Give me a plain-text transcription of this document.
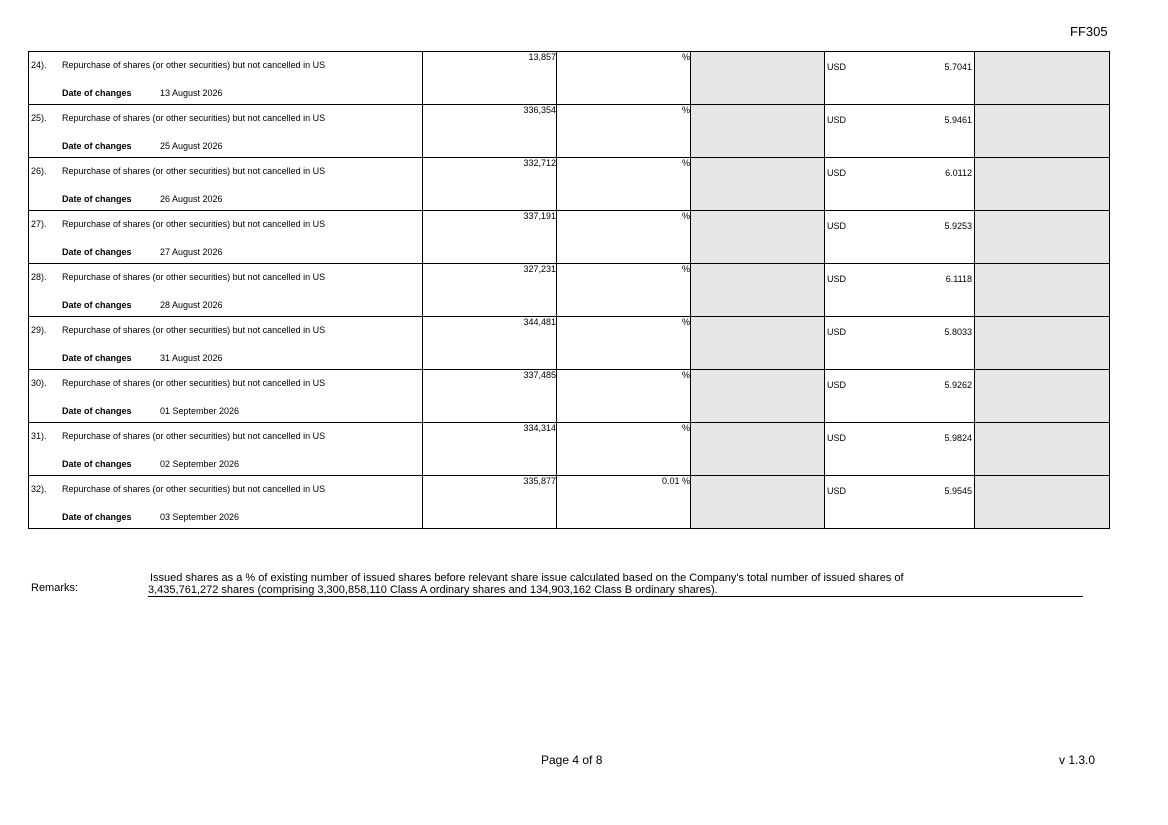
FF305
24). Repurchase of shares (or other securities) but not cancelled in US
Date of changes 13 August 2026	13,857	%		USD 5.7041	

25). Repurchase of shares (or other securities) but not cancelled in US
Date of changes 25 August 2026	336,354	%		USD 5.9461	

26). Repurchase of shares (or other securities) but not cancelled in US
Date of changes 26 August 2026	332,712	%		USD 6.0112	

27). Repurchase of shares (or other securities) but not cancelled in US
Date of changes 27 August 2026	337,191	%		USD 5.9253	

28). Repurchase of shares (or other securities) but not cancelled in US
Date of changes 28 August 2026	327,231	%		USD 6.1118	

29). Repurchase of shares (or other securities) but not cancelled in US
Date of changes 31 August 2026	344,481	%		USD 5.8033	

30). Repurchase of shares (or other securities) but not cancelled in US
Date of changes 01 September 2026	337,485	%		USD 5.9262	

31). Repurchase of shares (or other securities) but not cancelled in US
Date of changes 02 September 2026	334,314	%		USD 5.9824	

32). Repurchase of shares (or other securities) but not cancelled in US
Date of changes 03 September 2026	335,877	0.01 %		USD 5.9545	

Remarks:
Issued shares as a % of existing number of issued shares before relevant share issue calculated based on the Company's total number of issued shares of
3,435,761,272 shares (comprising 3,300,858,110 Class A ordinary shares and 134,903,162 Class B ordinary shares).
Page 4 of 8	v 1.3.0
